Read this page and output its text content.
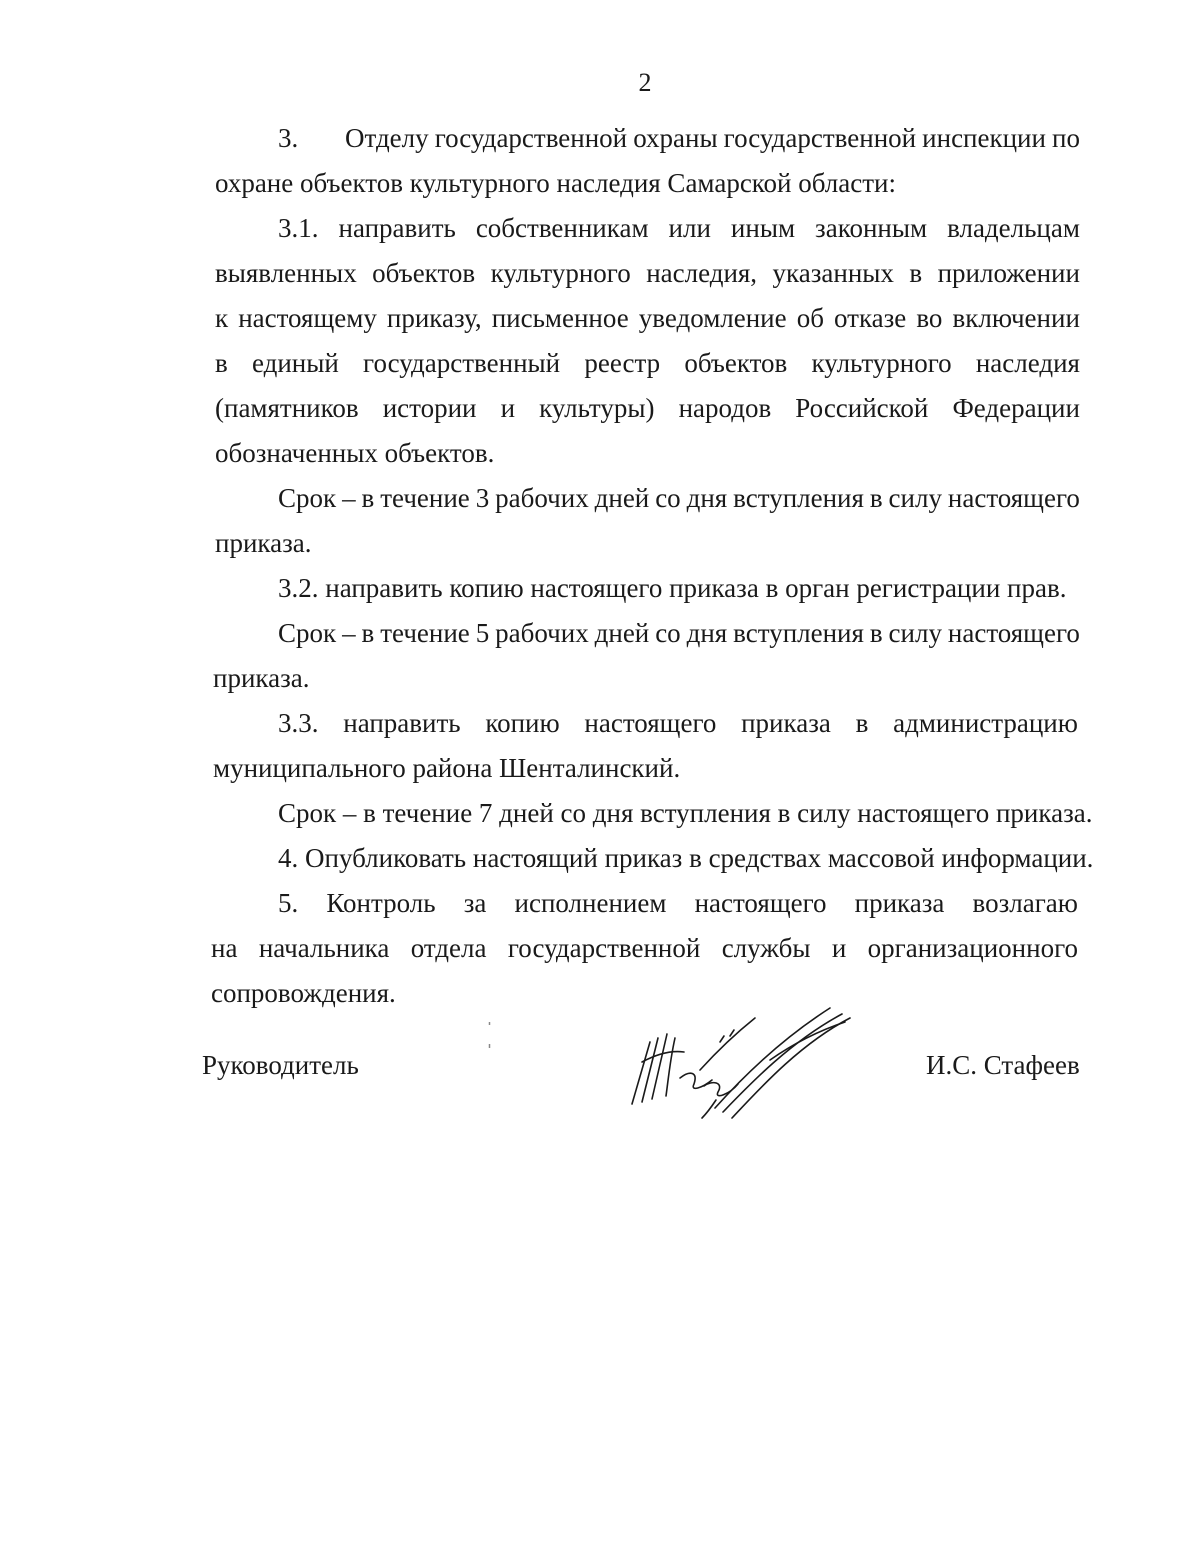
2
3. Отделу государственной охраны государственной инспекции по
охране объектов культурного наследия Самарской области:
3.1. направить собственникам или иным законным владельцам
выявленных объектов культурного наследия, указанных в приложении
к настоящему приказу, письменное уведомление об отказе во включении
в единый государственный реестр объектов культурного наследия
(памятников истории и культуры) народов Российской Федерации
обозначенных объектов.
Срок – в течение 3 рабочих дней со дня вступления в силу настоящего
приказа.
3.2. направить копию настоящего приказа в орган регистрации прав.
Срок – в течение 5 рабочих дней со дня вступления в силу настоящего
приказа.
3.3. направить копию настоящего приказа в администрацию
муниципального района Шенталинский.
Срок – в течение 7 дней со дня вступления в силу настоящего приказа.
4. Опубликовать настоящий приказ в средствах массовой информации.
5. Контроль за исполнением настоящего приказа возлагаю
на начальника отдела государственной службы и организационного
сопровождения.
Руководитель	И.С. Стафеев
